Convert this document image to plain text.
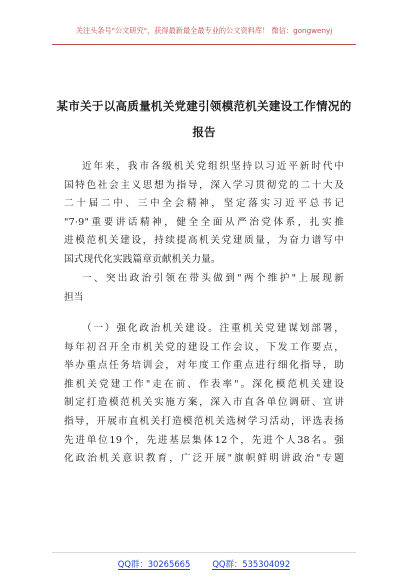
关注头条号"公文研究"，获得最新最全最专业的公文资料库！ 微信：gongwenyj
某市关于以高质量机关党建引领模范机关建设工作情况的
报告
近年来，我市各级机关党组织坚持以习近平新时代中
国特色社会主义思想为指导，深入学习贯彻党的二十大及
二十届二中、三中全会精神，坚定落实习近平总书记
"7·9"重要讲话精神，健全全面从严治党体系，扎实推
进模范机关建设，持续提高机关党建质量，为奋力谱写中
国式现代化实践篇章贡献机关力量。
一、突出政治引领在带头做到"两个维护"上展现新
担当
（一）强化政治机关建设。注重机关党建谋划部署，
每年初召开全市机关党的建设工作会议，下发工作要点，
举办重点任务培训会，对年度工作重点进行细化指导，助
推机关党建工作"走在前、作表率"。深化模范机关建设
制定打造模范机关实施方案，深入市直各单位调研、宣讲
指导，开展市直机关打造模范机关选树学习活动，评选表扬
先进单位19个，先进基层集体12个，先进个人38名。强
化政治机关意识教育，广泛开展"旗帜鲜明讲政治"专题
QQ群：30265665	QQ群：535304092
